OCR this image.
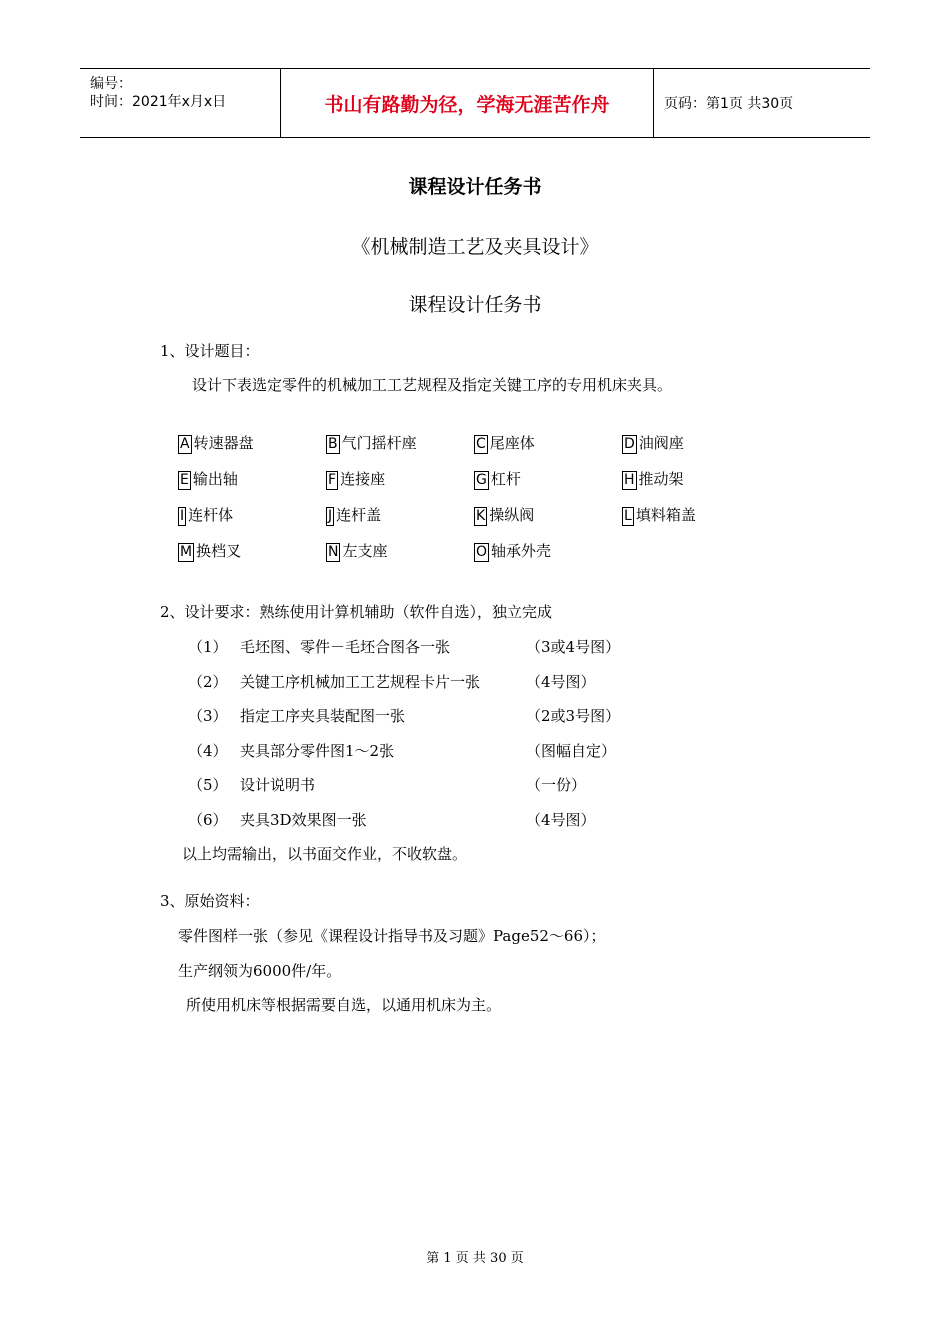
编号：
时间：2021年x月x日	书山有路勤为径，学海无涯苦作舟	页码：第1页 共30页
课程设计任务书
《机械制造工艺及夹具设计》
课程设计任务书
1、设计题目：
设计下表选定零件的机械加工工艺规程及指定关键工序的专用机床夹具。
A 转速器盘	B 气门摇杆座	C 尾座体	D 油阀座
E 输出轴	F 连接座	G 杠杆	H 推动架
I 连杆体	J 连杆盖	K 操纵阀	L 填料箱盖
M 换档叉	N 左支座	O 轴承外壳
2、设计要求：熟练使用计算机辅助（软件自选），独立完成
（1） 毛坯图、零件－毛坯合图各一张	（3或4号图）
（2） 关键工序机械加工工艺规程卡片一张	（4号图）
（3） 指定工序夹具装配图一张	（2或3号图）
（4） 夹具部分零件图1～2张	（图幅自定）
（5） 设计说明书	（一份）
（6） 夹具3D效果图一张	（4号图）
以上均需输出，以书面交作业，不收软盘。
3、原始资料：
零件图样一张（参见《课程设计指导书及习题》Page52～66）；
生产纲领为6000件/年。
所使用机床等根据需要自选，以通用机床为主。
第 1 页 共 30 页
